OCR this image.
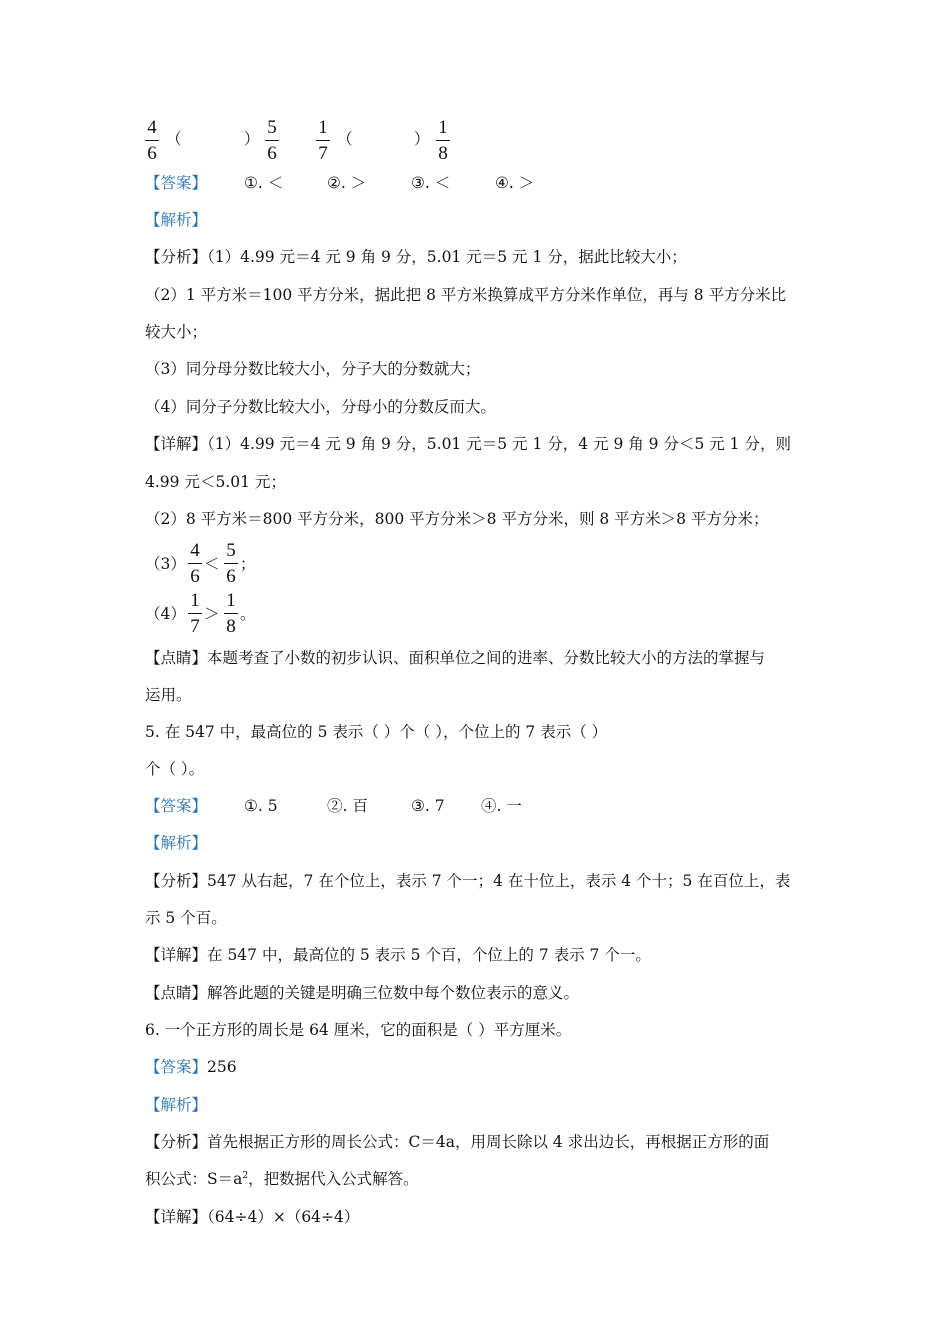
4
6
（	）
5
6
1
7
（	）
1
8
【答案】 ①. ＜	②. ＞	③. ＜	④. ＞
【解析】
【分析】（1）4.99 元＝4 元 9 角 9 分，5.01 元＝5 元 1 分，据此比较大小；
（2）1 平方米＝100 平方分米，据此把 8 平方米换算成平方分米作单位，再与 8 平方分米比
较大小；
（3）同分母分数比较大小，分子大的分数就大；
（4）同分子分数比较大小，分母小的分数反而大。
【详解】（1）4.99 元＝4 元 9 角 9 分，5.01 元＝5 元 1 分，4 元 9 角 9 分＜5 元 1 分，则
4.99 元＜5.01 元；
（2）8 平方米＝800 平方分米，800 平方分米＞8 平方分米，则 8 平方米＞8 平方分米；
（3）
4
6
＜
5
6
；
（4）
1
7
＞
1
8
。
【点睛】本题考查了小数的初步认识、面积单位之间的进率、分数比较大小的方法的掌握与
运用。
5. 在 547 中，最高位的 5 表示（ ）个（ ），个位上的 7 表示（ ）
个（ ）。
【答案】 ①. 5	②. 百	③. 7 ④. 一
【解析】
【分析】547 从右起，7 在个位上，表示 7 个一；4 在十位上，表示 4 个十；5 在百位上，表
示 5 个百。
【详解】在 547 中，最高位的 5 表示 5 个百，个位上的 7 表示 7 个一。
【点睛】解答此题的关键是明确三位数中每个数位表示的意义。
6. 一个正方形的周长是 64 厘米，它的面积是（ ）平方厘米。
【答案】256
【解析】
【分析】首先根据正方形的周长公式：C＝4a，用周长除以 4 求出边长，再根据正方形的面
积公式：$S=a^2$，把数据代入公式解答。
【详解】（64÷4）×（64÷4）
